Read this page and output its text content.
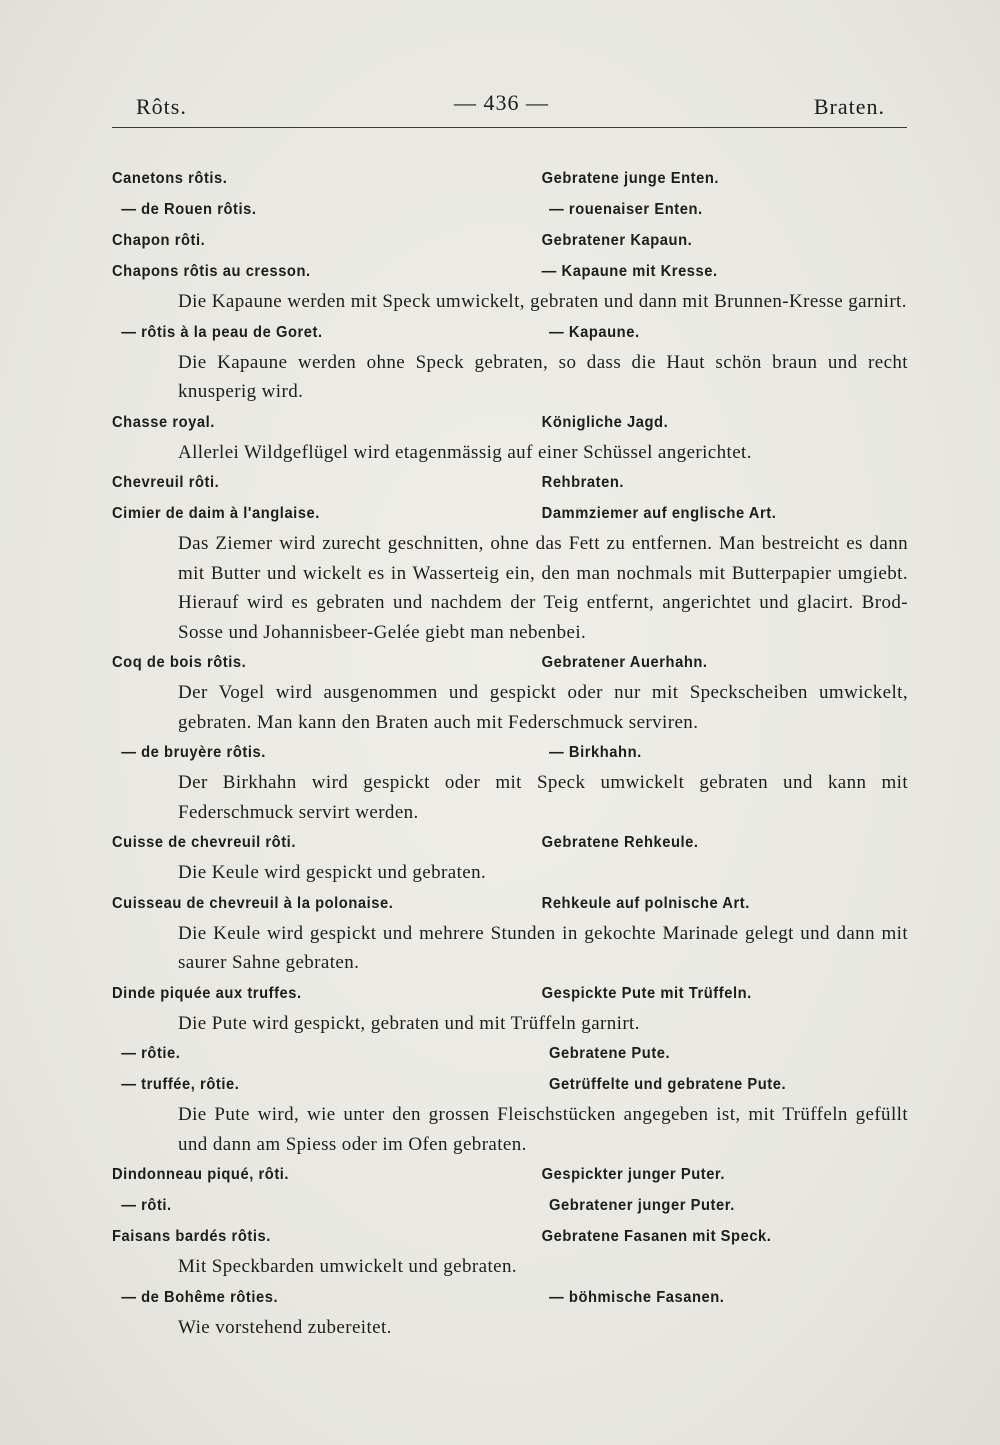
Rôts.	— 436 —	Braten.
Canetons rôtis.	Gebratene junge Enten.
— de Rouen rôtis.	— rouenaiser Enten.
Chapon rôti.	Gebratener Kapaun.
Chapons rôtis au cresson.	— Kapaune mit Kresse.
Die Kapaune werden mit Speck umwickelt, gebraten und dann mit Brunnen-Kresse garnirt.
— rôtis à la peau de Goret.	— Kapaune.
Die Kapaune werden ohne Speck gebraten, so dass die Haut schön braun und recht knusperig wird.
Chasse royal.	Königliche Jagd.
Allerlei Wildgeflügel wird etagenmässig auf einer Schüssel angerichtet.
Chevreuil rôti.	Rehbraten.
Cimier de daim à l'anglaise.	Dammziemer auf englische Art.
Das Ziemer wird zurecht geschnitten, ohne das Fett zu entfernen. Man bestreicht es dann mit Butter und wickelt es in Wasserteig ein, den man nochmals mit Butterpapier umgiebt. Hierauf wird es gebraten und nachdem der Teig entfernt, angerichtet und glacirt. Brod-Sosse und Johannisbeer-Gelée giebt man nebenbei.
Coq de bois rôtis.	Gebratener Auerhahn.
Der Vogel wird ausgenommen und gespickt oder nur mit Speckscheiben umwickelt, gebraten. Man kann den Braten auch mit Federschmuck serviren.
— de bruyère rôtis.	— Birkhahn.
Der Birkhahn wird gespickt oder mit Speck umwickelt gebraten und kann mit Federschmuck servirt werden.
Cuisse de chevreuil rôti.	Gebratene Rehkeule.
Die Keule wird gespickt und gebraten.
Cuisseau de chevreuil à la polonaise.	Rehkeule auf polnische Art.
Die Keule wird gespickt und mehrere Stunden in gekochte Marinade gelegt und dann mit saurer Sahne gebraten.
Dinde piquée aux truffes.	Gespickte Pute mit Trüffeln.
Die Pute wird gespickt, gebraten und mit Trüffeln garnirt.
— rôtie.	Gebratene Pute.
— truffée, rôtie.	Getrüffelte und gebratene Pute.
Die Pute wird, wie unter den grossen Fleischstücken angegeben ist, mit Trüffeln gefüllt und dann am Spiess oder im Ofen gebraten.
Dindonneau piqué, rôti.	Gespickter junger Puter.
— rôti.	Gebratener junger Puter.
Faisans bardés rôtis.	Gebratene Fasanen mit Speck.
Mit Speckbarden umwickelt und gebraten.
— de Bohême rôties.	— böhmische Fasanen.
Wie vorstehend zubereitet.
